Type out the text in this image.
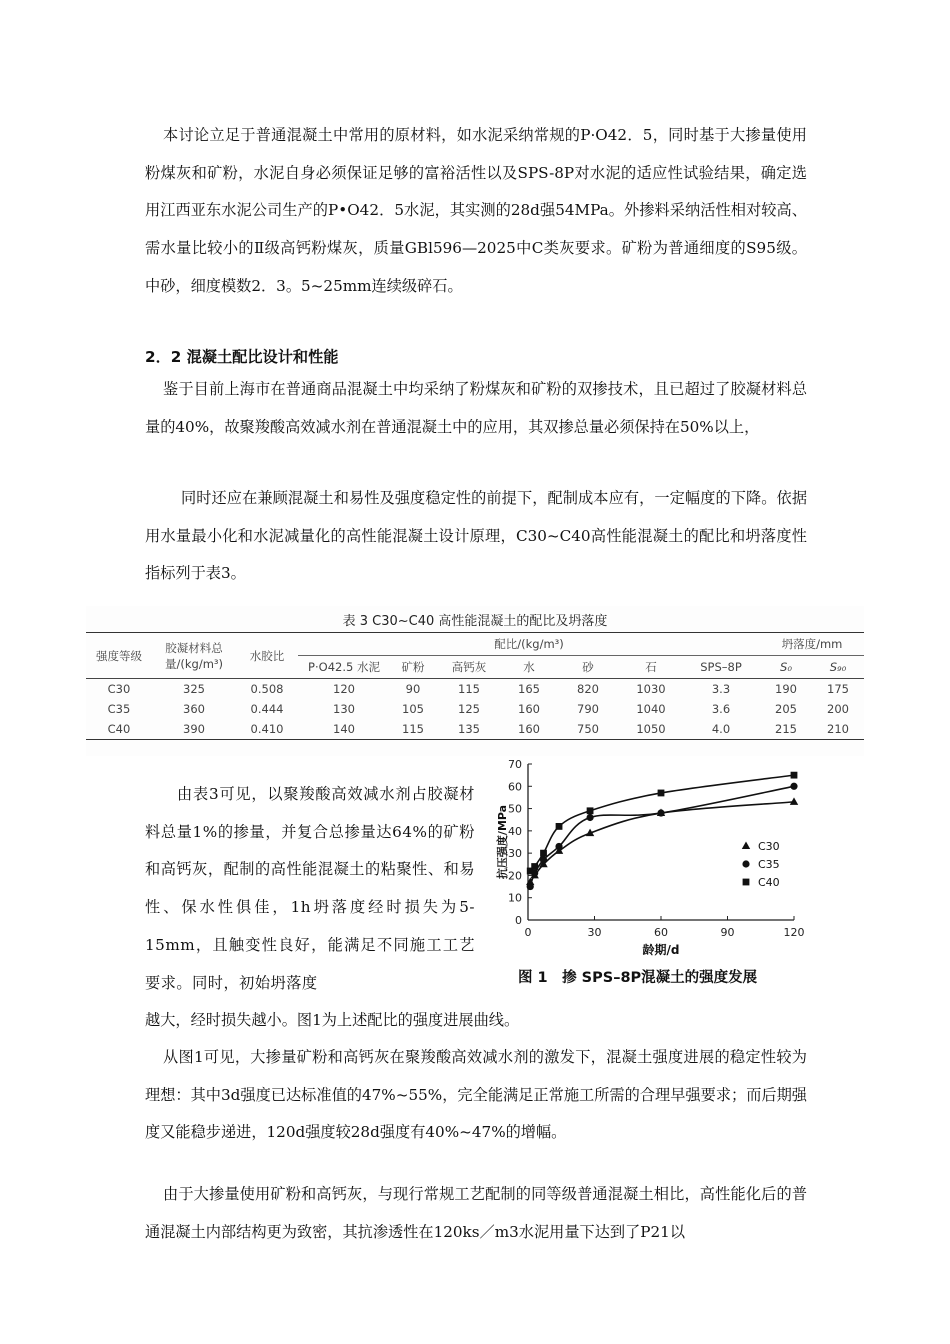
本讨论立足于普通混凝土中常用的原材料，如水泥采纳常规的P·O42．5，同时基于大掺量使用粉煤灰和矿粉，水泥自身必须保证足够的富裕活性以及SPS-8P对水泥的适应性试验结果，确定选用江西亚东水泥公司生产的P•O42．5水泥，其实测的28d强54MPa。外掺料采纳活性相对较高、需水量比较小的Ⅱ级高钙粉煤灰，质量GBl596—2025中C类灰要求。矿粉为普通细度的S95级。中砂，细度模数2．3。5~25mm连续级碎石。

2．2 混凝土配比设计和性能

鉴于目前上海市在普通商品混凝土中均采纳了粉煤灰和矿粉的双掺技术，且已超过了胶凝材料总量的40%，故聚羧酸高效减水剂在普通混凝土中的应用，其双掺总量必须保持在50%以上，

同时还应在兼顾混凝土和易性及强度稳定性的前提下，配制成本应有，一定幅度的下降。依据用水量最小化和水泥减量化的高性能混凝土设计原理，C30~C40高性能混凝土的配比和坍落度性指标列于表3。

表 3 C30~C40 高性能混凝土的配比及坍落度
强度等级	胶凝材料总量/(kg/m³)	水胶比	配比/(kg/m³)							坍落度/mm	
			P·O42.5 水泥	矿粉	高钙灰	水	砂	石	SPS–8P	S₀	S₉₀
C30	325	0.508	120	90	115	165	820	1030	3.3	190	175
C35	360	0.444	130	105	125	160	790	1040	3.6	205	200
C40	390	0.410	140	115	135	160	750	1050	4.0	215	210

由表3可见，以聚羧酸高效减水剂占胶凝材料总量1%的掺量，并复合总掺量达64%的矿粉和高钙灰，配制的高性能混凝土的粘聚性、和易性、保水性俱佳，1h坍落度经时损失为5-15mm，且触变性良好，能满足不同施工工艺要求。同时，初始坍落度

越大，经时损失越小。图1为上述配比的强度进展曲线。

0
10
20
30
40
50
60
70
0	30	60	90	120
龄期/d
抗压强度/MPa	C30
C35
C40
图 1　掺 SPS–8P混凝土的强度发展

从图1可见，大掺量矿粉和高钙灰在聚羧酸高效减水剂的激发下，混凝土强度进展的稳定性较为理想：其中3d强度已达标准值的47%~55%，完全能满足正常施工所需的合理早强要求；而后期强度又能稳步递进，120d强度较28d强度有40%~47%的增幅。

由于大掺量使用矿粉和高钙灰，与现行常规工艺配制的同等级普通混凝土相比，高性能化后的普通混凝土内部结构更为致密，其抗渗透性在120ks／m3水泥用量下达到了P21以
